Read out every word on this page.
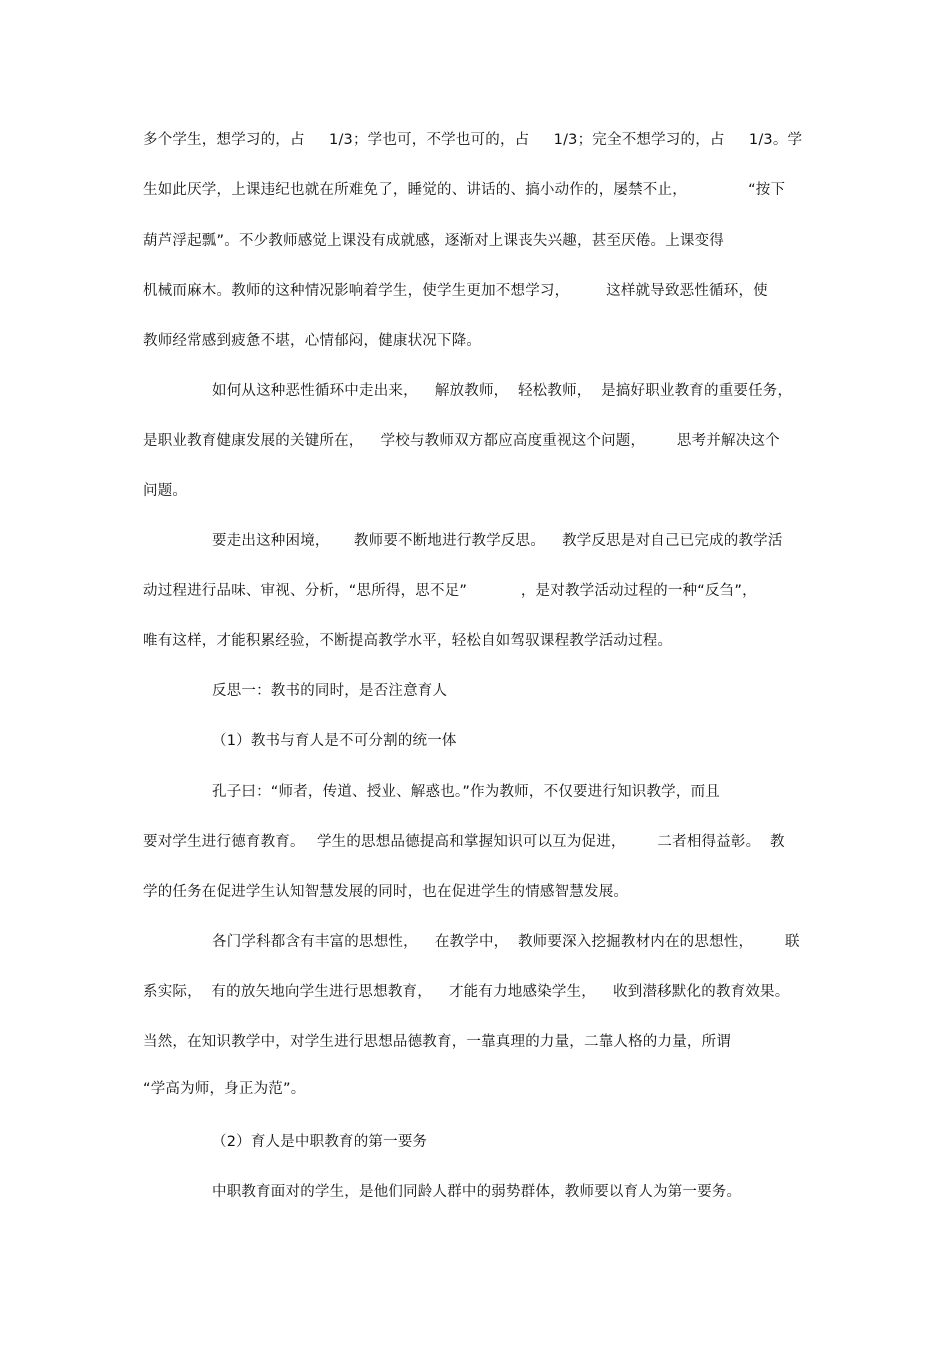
多个学生，想学习的，占　  1/3；学也可，不学也可的，占　  1/3；完全不想学习的，占　  1/3。学
生如此厌学，上课违纪也就在所难免了，睡觉的、讲话的、搞小动作的，屡禁不止，　　　　  “按下
葫芦浮起瓢”。不少教师感觉上课没有成就感，逐渐对上课丧失兴趣，甚至厌倦。上课变得
机械而麻木。教师的这种情况影响着学生，使学生更加不想学习，　　　这样就导致恶性循环，使
教师经常感到疲惫不堪，心情郁闷，健康状况下降。
如何从这种恶性循环中走出来，　  解放教师，  轻松教师，  是搞好职业教育的重要任务，
是职业教育健康发展的关键所在，　  学校与教师双方都应高度重视这个问题，　  　思考并解决这个
问题。
要走出这种困境，  　教师要不断地进行教学反思。　  教学反思是对自己已完成的教学活
动过程进行品味、审视、分析，“思所得，思不足”　　  　，是对教学活动过程的一种“反刍”，
唯有这样，才能积累经验，不断提高教学水平，轻松自如驾驭课程教学活动过程。
反思一：教书的同时，是否注意育人
（1）教书与育人是不可分割的统一体
孔子曰：“师者，传道、授业、解惑也。”作为教师，不仅要进行知识教学，而且
要对学生进行德育教育。　 学生的思想品德提高和掌握知识可以互为促进，　　  二者相得益彰。  教
学的任务在促进学生认知智慧发展的同时，也在促进学生的情感智慧发展。
各门学科都含有丰富的思想性，　  在教学中，  教师要深入挖掘教材内在的思想性，　　  联
系实际，  有的放矢地向学生进行思想教育，　  才能有力地感染学生，　  收到潜移默化的教育效果。
当然，在知识教学中，对学生进行思想品德教育，一靠真理的力量，二靠人格的力量，所谓
“学高为师，身正为范”。
（2）育人是中职教育的第一要务
中职教育面对的学生，是他们同龄人群中的弱势群体，教师要以育人为第一要务。
